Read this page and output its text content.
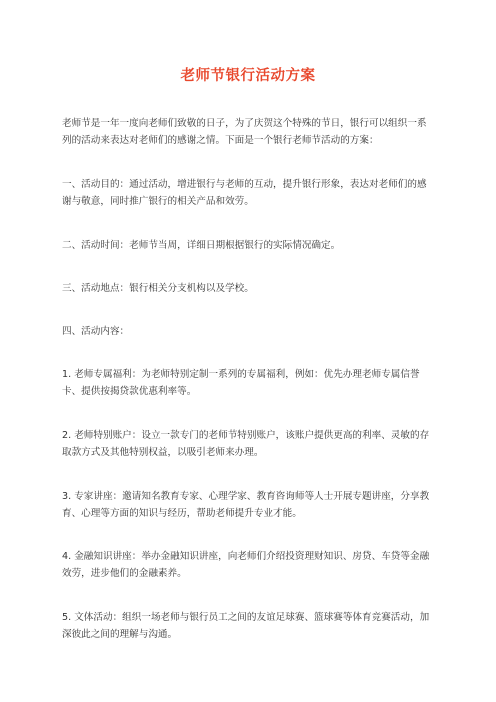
老师节银行活动方案

老师节是一年一度向老师们致敬的日子，为了庆贺这个特殊的节日，银行可以组织一系列的活动来表达对老师们的感谢之情。下面是一个银行老师节活动的方案：

一、活动目的：通过活动，增进银行与老师的互动，提升银行形象，表达对老师们的感谢与敬意，同时推广银行的相关产品和效劳。

二、活动时间：老师节当周，详细日期根据银行的实际情况确定。

三、活动地点：银行相关分支机构以及学校。

四、活动内容：

1. 老师专属福利：为老师特别定制一系列的专属福利，例如：优先办理老师专属信誉卡、提供按揭贷款优惠利率等。

2. 老师特别账户：设立一款专门的老师节特别账户，该账户提供更高的利率、灵敏的存取款方式及其他特别权益，以吸引老师来办理。

3. 专家讲座：邀请知名教育专家、心理学家、教育咨询师等人士开展专题讲座，分享教育、心理等方面的知识与经历，帮助老师提升专业才能。

4. 金融知识讲座：举办金融知识讲座，向老师们介绍投资理财知识、房贷、车贷等金融效劳，进步他们的金融素养。

5. 文体活动：组织一场老师与银行员工之间的友谊足球赛、篮球赛等体育竞赛活动，加深彼此之间的理解与沟通。
